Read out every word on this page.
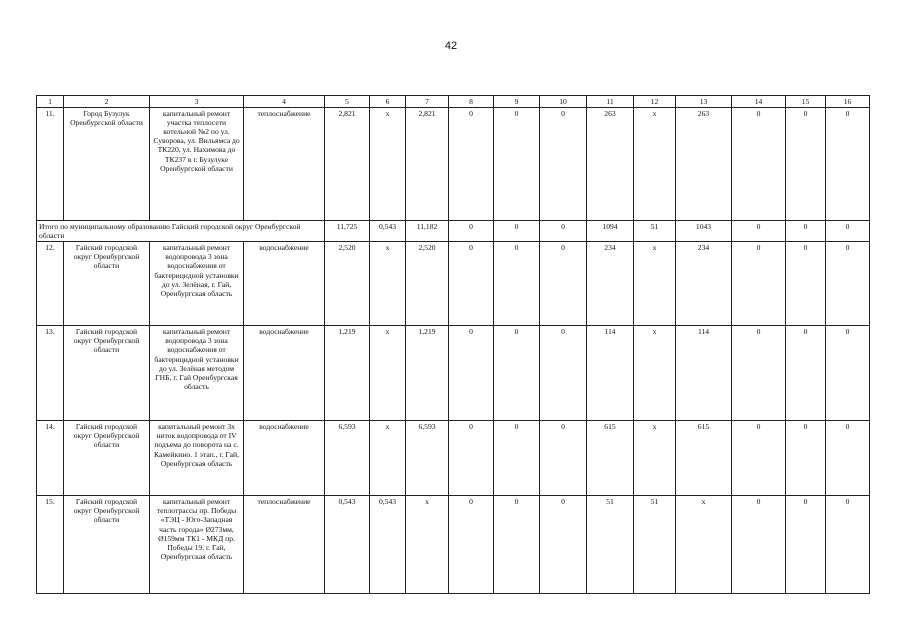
42
1	2	3	4	5	6	7	8	9	10	11	12	13	14	15	16
11.	Город Бузулук Оренбургской области	капитальный ремонт участка теплосети котельной №2 по ул. Суворова, ул. Вильямса до ТК220, ул. Нахимова до ТК237 в г. Бузулуке Оренбургской области	теплоснабжение	2,821	х	2,821	0	0	0	263	х	263	0	0	0
Итого по муниципальному образованию Гайский городской округ Оренбургской области				11,725	0,543	11,182	0	0	0	1094	51	1043	0	0	0
12.	Гайский городской округ Оренбургской области	капитальный ремонт водопровода 3 зона водоснабжения от бактерицидной установки до ул. Зелёная, г. Гай, Оренбургская область	водоснабжение	2,520	х	2,520	0	0	0	234	х	234	0	0	0
13.	Гайский городской округ Оренбургской области	капитальный ремонт водопровода 3 зона водоснабжения от бактерицидной установки до ул. Зелёная методом ГНБ, г. Гай Оренбургская область	водоснабжение	1,219	х	1,219	0	0	0	114	х	114	0	0	0
14.	Гайский городской округ Оренбургской области	капитальный ремонт 3х ниток водопровода от IV подъема до поворота на с. Камейкино. 1 этап., г. Гай, Оренбургская область	водоснабжение	6,593	х	6,593	0	0	0	615	х	615	0	0	0
15.	Гайский городской округ Оренбургской области	капитальный ремонт теплотрассы пр. Победы «ТЭЦ - Юго-Западная часть города» Ø273мм, Ø159мм ТК1 - МКД пр. Победы 19, г. Гай, Оренбургская область	теплоснабжение	0,543	0,543	х	0	0	0	51	51	х	0	0	0
